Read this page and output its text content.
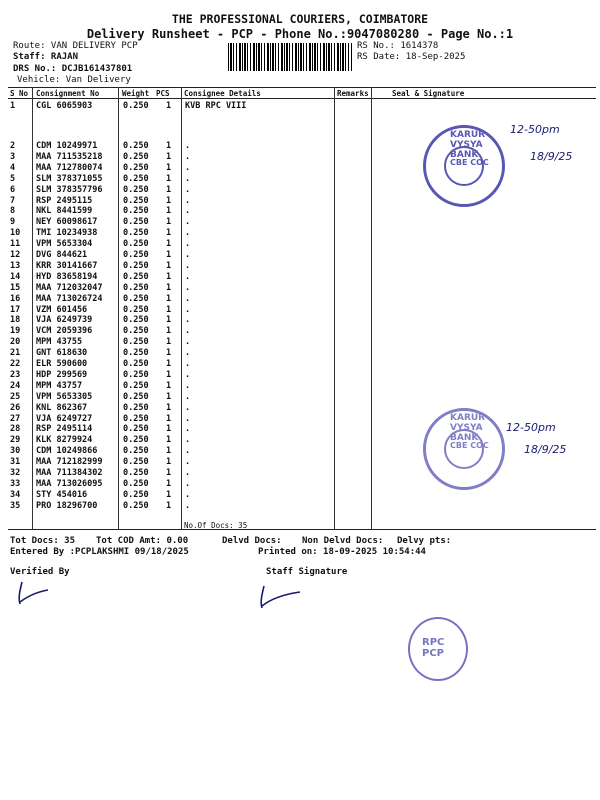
THE PROFESSIONAL COURIERS, COIMBATORE
Delivery Runsheet - PCP - Phone No.:9047080280 - Page No.:1
Route: VAN DELIVERY PCP
Staff: RAJAN
DRS No.: DCJB161437801
Vehicle: Van Delivery
RS No.: 1614378
RS Date: 18-Sep-2025
S No Consignment No	Weight PCS Consignee Details	Remarks	Seal & Signature
1 CGL 6065903	0.250 1 KVB RPC VIII
2 CDM 10249971	0.250 1 .
3 MAA 711535218 0.250 1 .
4 MAA 712780074 0.250 1 .
5 SLM 378371055 0.250 1 .
6 SLM 378357796 0.250 1 .
7 RSP 2495115	0.250 1 .
8 NKL 8441599	0.250 1 .
9 NEY 60098617	0.250 1 .
10 TMI 10234938	0.250 1 .
11 VPM 5653304	0.250 1 .
12 DVG 844621	0.250 1 .
13 KRR 30141667	0.250 1 .
14 HYD 83658194	0.250 1 .
15 MAA 712032047 0.250 1 .
16 MAA 713026724 0.250 1 .
17 VZM 601456	0.250 1 .
18 VJA 6249739	0.250 1 .
19 VCM 2059396	0.250 1 .
20 MPM 43755	0.250 1 .
21 GNT 618630	0.250 1 .
22 ELR 590600	0.250 1 .
23 HDP 299569	0.250 1 .
24 MPM 43757	0.250 1 .
25 VPM 5653305	0.250 1 .
26 KNL 862367	0.250 1 .
27 VJA 6249727	0.250 1 .
28 RSP 2495114	0.250 1 .
29 KLK 8279924	0.250 1 .
30 CDM 10249866	0.250 1 .
31 MAA 712182999 0.250 1 .
32 MAA 711384302 0.250 1 .
33 MAA 713026095 0.250 1 .
34 STY 454016	0.250 1 .
35 PRO 18296700	0.250 1 .
No.Of Docs: 35
Tot Docs: 35 Tot COD Amt: 0.00	Delvd Docs: Non Delvd Docs: Delvy pts:
Entered By :PCPLAKSHMI 09/18/2025	Printed on: 18-09-2025 10:54:44
Verified By	Staff Signature
KARUR VYSYA BANK
CBE COC
12-50pm
18/9/25
KARUR VYSYA BANK
CBE COC
12-50pm
18/9/25
RPC PCP
